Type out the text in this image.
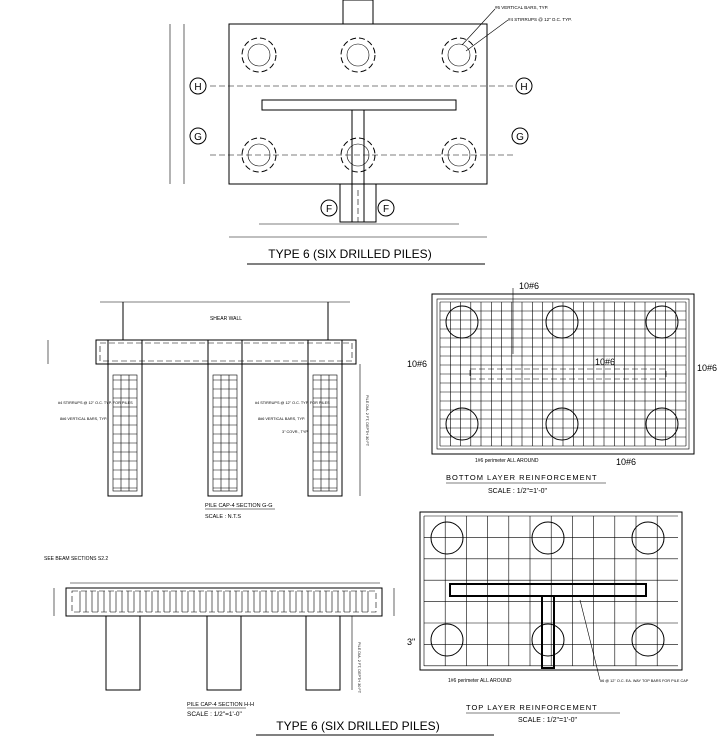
H	H
G	G
F	F
#6 VERTICAL BARS, TYP.
#4 STIRRUPS @ 12" O.C. TYP.
TYPE 6 (SIX DRILLED PILES)
SHEAR WALL
#4 STIRRUPS @ 12" O.C. TYP. FOR PILES
8#6 VERTICAL BARS, TYP.
#4 STIRRUPS @ 12" O.C. TYP. FOR PILES
8#6 VERTICAL BARS, TYP.
3" COVR., TYP.	PILE DIA. 2 FT, DEPTH 30 FT
PILE CAP-4 SECTION G-G
SCALE : N.T.S
10#6
10#6	10#6
10#6
10#6
1#6 perimeter ALL AROUND
BOTTOM LAYER REINFORCEMENT
SCALE : 1/2"=1'-0"
SEE BEAM SECTIONS S2.2
PILE DIA. 2 FT, DEPTH 30 FT
PILE CAP-4 SECTION H-H
SCALE : 1/2"=1'-0"
3"
1#6 perimeter ALL AROUND	#6 @ 12" O.C. EA. WAY TOP BARS FOR PILE CAP
TOP LAYER REINFORCEMENT
SCALE : 1/2"=1'-0"
TYPE 6 (SIX DRILLED PILES)
